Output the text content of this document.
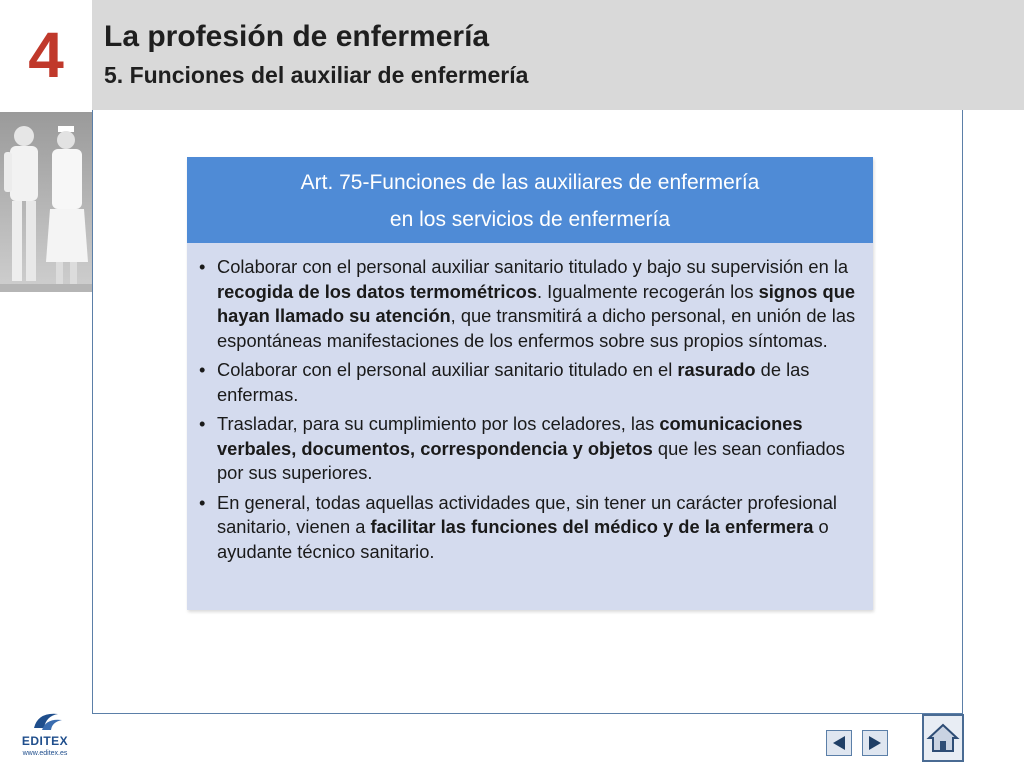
4	La profesión de enfermería
5. Funciones del auxiliar de enfermería
Art. 75-Funciones de las auxiliares de enfermería
en los servicios de enfermería
• Colaborar con el personal auxiliar sanitario titulado y bajo su supervisión en la recogida de los datos termométricos. Igualmente recogerán los signos que hayan llamado su atención, que transmitirá a dicho personal, en unión de las espontáneas manifestaciones de los enfermos sobre sus propios síntomas.
• Colaborar con el personal auxiliar sanitario titulado en el rasurado de las enfermas.
• Trasladar, para su cumplimiento por los celadores, las comunicaciones verbales, documentos, correspondencia y objetos que les sean confiados por sus superiores.
• En general, todas aquellas actividades que, sin tener un carácter profesional sanitario, vienen a facilitar las funciones del médico y de la enfermera o ayudante técnico sanitario.
EDITEX
www.editex.es
